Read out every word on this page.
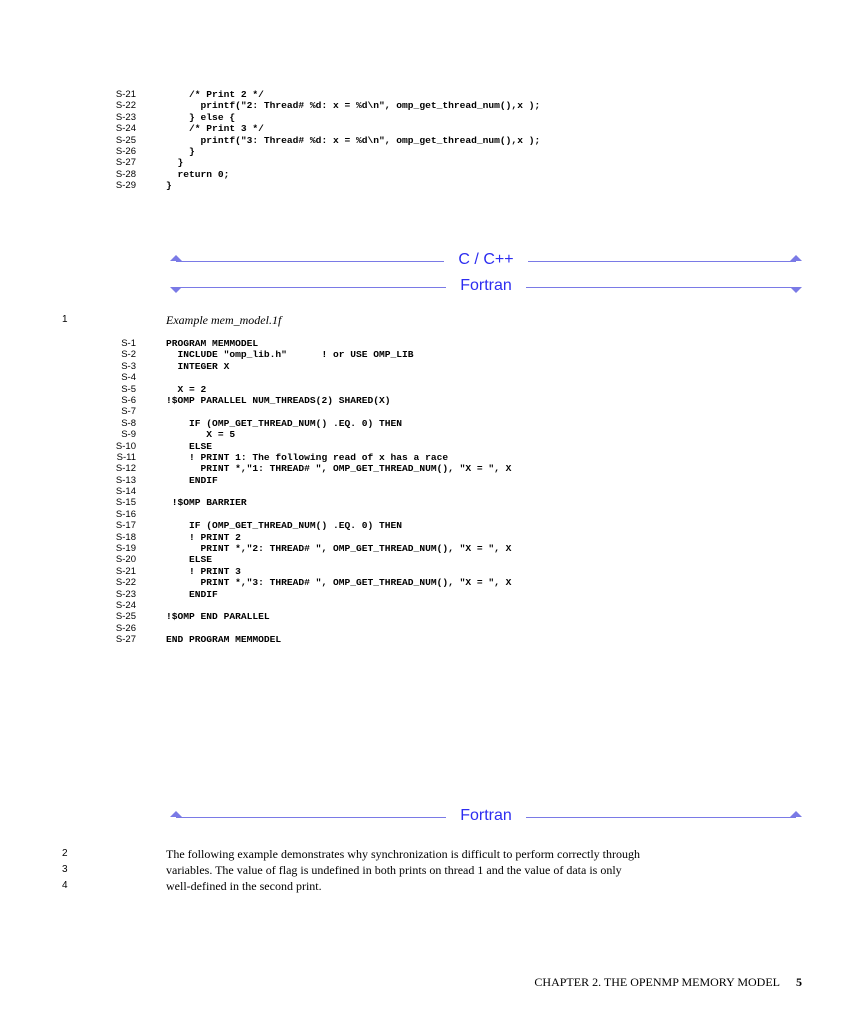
S-21	/* Print 2 */
S-22	printf("2: Thread# %d: x = %d\n", omp_get_thread_num(),x );
S-23	} else {
S-24	/* Print 3 */
S-25	printf("3: Thread# %d: x = %d\n", omp_get_thread_num(),x );
S-26	}
S-27	}
S-28	return 0;
S-29	}
C / C++
Fortran
1	Example mem_model.1f
S-1	PROGRAM MEMMODEL
S-2	INCLUDE "omp_lib.h"      ! or USE OMP_LIB
S-3	INTEGER X
S-4
S-5	X = 2
S-6	!$OMP PARALLEL NUM_THREADS(2) SHARED(X)
S-7
S-8	IF (OMP_GET_THREAD_NUM() .EQ. 0) THEN
S-9	X = 5
S-10	ELSE
S-11	! PRINT 1: The following read of x has a race
S-12	PRINT *,"1: THREAD# ", OMP_GET_THREAD_NUM(), "X = ", X
S-13	ENDIF
S-14
S-15	!$OMP BARRIER
S-16
S-17	IF (OMP_GET_THREAD_NUM() .EQ. 0) THEN
S-18	! PRINT 2
S-19	PRINT *,"2: THREAD# ", OMP_GET_THREAD_NUM(), "X = ", X
S-20	ELSE
S-21	! PRINT 3
S-22	PRINT *,"3: THREAD# ", OMP_GET_THREAD_NUM(), "X = ", X
S-23	ENDIF
S-24
S-25	!$OMP END PARALLEL
S-26
S-27	END PROGRAM MEMMODEL
Fortran
2	The following example demonstrates why synchronization is difficult to perform correctly through
3	variables. The value of flag is undefined in both prints on thread 1 and the value of data is only
4	well-defined in the second print.
CHAPTER 2. THE OPENMP MEMORY MODEL 5
